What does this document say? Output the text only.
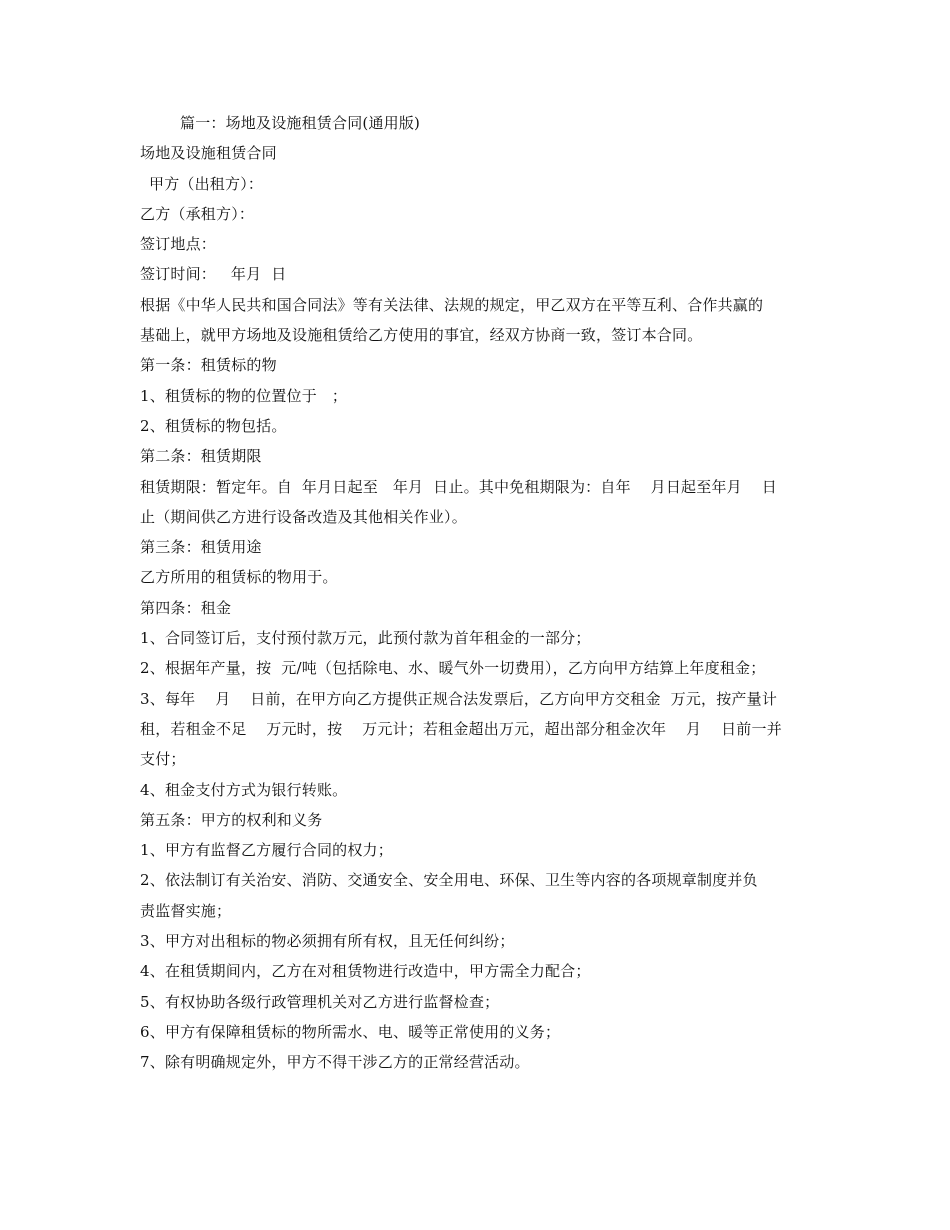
篇一：场地及设施租赁合同(通用版)

场地及设施租赁合同

甲方（出租方）：

乙方（承租方）：

签订地点：

签订时间：   年月  日

根据《中华人民共和国合同法》等有关法律、法规的规定，甲乙双方在平等互利、合作共赢的

基础上，就甲方场地及设施租赁给乙方使用的事宜，经双方协商一致，签订本合同。

第一条：租赁标的物

1、租赁标的物的位置位于   ；

2、租赁标的物包括。

第二条：租赁期限

租赁期限：暂定年。自  年月日起至   年月  日止。其中免租期限为：自年    月日起至年月    日

止（期间供乙方进行设备改造及其他相关作业）。

第三条：租赁用途

乙方所用的租赁标的物用于。

第四条：租金

1、合同签订后，支付预付款万元，此预付款为首年租金的一部分；

2、根据年产量，按  元/吨（包括除电、水、暖气外一切费用），乙方向甲方结算上年度租金；

3、每年    月    日前，在甲方向乙方提供正规合法发票后，乙方向甲方交租金  万元，按产量计

租，若租金不足    万元时，按    万元计；若租金超出万元，超出部分租金次年    月    日前一并

支付；

4、租金支付方式为银行转账。

第五条：甲方的权利和义务

1、甲方有监督乙方履行合同的权力；

2、依法制订有关治安、消防、交通安全、安全用电、环保、卫生等内容的各项规章制度并负

责监督实施；

3、甲方对出租标的物必须拥有所有权，且无任何纠纷；

4、在租赁期间内，乙方在对租赁物进行改造中，甲方需全力配合；

5、有权协助各级行政管理机关对乙方进行监督检查；

6、甲方有保障租赁标的物所需水、电、暖等正常使用的义务；

7、除有明确规定外，甲方不得干涉乙方的正常经营活动。
